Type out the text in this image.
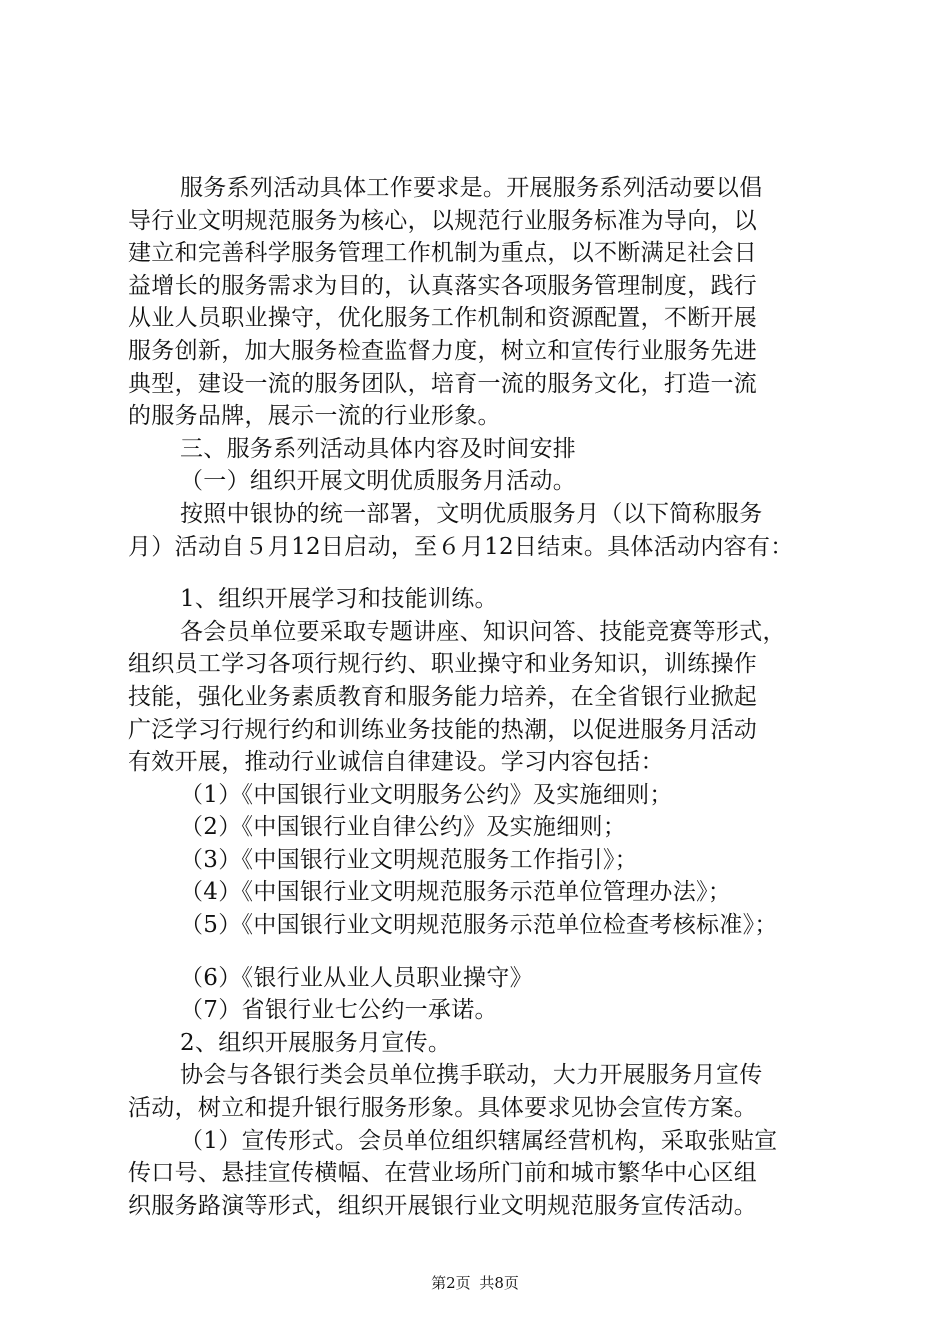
服务系列活动具体工作要求是。开展服务系列活动要以倡
导行业文明规范服务为核心，以规范行业服务标准为导向，以
建立和完善科学服务管理工作机制为重点，以不断满足社会日
益增长的服务需求为目的，认真落实各项服务管理制度，践行
从业人员职业操守，优化服务工作机制和资源配置，不断开展
服务创新，加大服务检查监督力度，树立和宣传行业服务先进
典型，建设一流的服务团队，培育一流的服务文化，打造一流
的服务品牌，展示一流的行业形象。
三、服务系列活动具体内容及时间安排
（一）组织开展文明优质服务月活动。
按照中银协的统一部署，文明优质服务月（以下简称服务
月）活动自５月12日启动，至６月12日结束。具体活动内容有：
1、组织开展学习和技能训练。
各会员单位要采取专题讲座、知识问答、技能竞赛等形式，
组织员工学习各项行规行约、职业操守和业务知识，训练操作
技能，强化业务素质教育和服务能力培养，在全省银行业掀起
广泛学习行规行约和训练业务技能的热潮，以促进服务月活动
有效开展，推动行业诚信自律建设。学习内容包括：
（1）《中国银行业文明服务公约》及实施细则；
（2）《中国银行业自律公约》及实施细则；
（3）《中国银行业文明规范服务工作指引》；
（4）《中国银行业文明规范服务示范单位管理办法》；
（5）《中国银行业文明规范服务示范单位检查考核标准》；
（6）《银行业从业人员职业操守》
（7）省银行业七公约一承诺。
2、组织开展服务月宣传。
协会与各银行类会员单位携手联动，大力开展服务月宣传
活动，树立和提升银行服务形象。具体要求见协会宣传方案。
（1）宣传形式。会员单位组织辖属经营机构，采取张贴宣
传口号、悬挂宣传横幅、在营业场所门前和城市繁华中心区组
织服务路演等形式，组织开展银行业文明规范服务宣传活动。
第2页 共8页
